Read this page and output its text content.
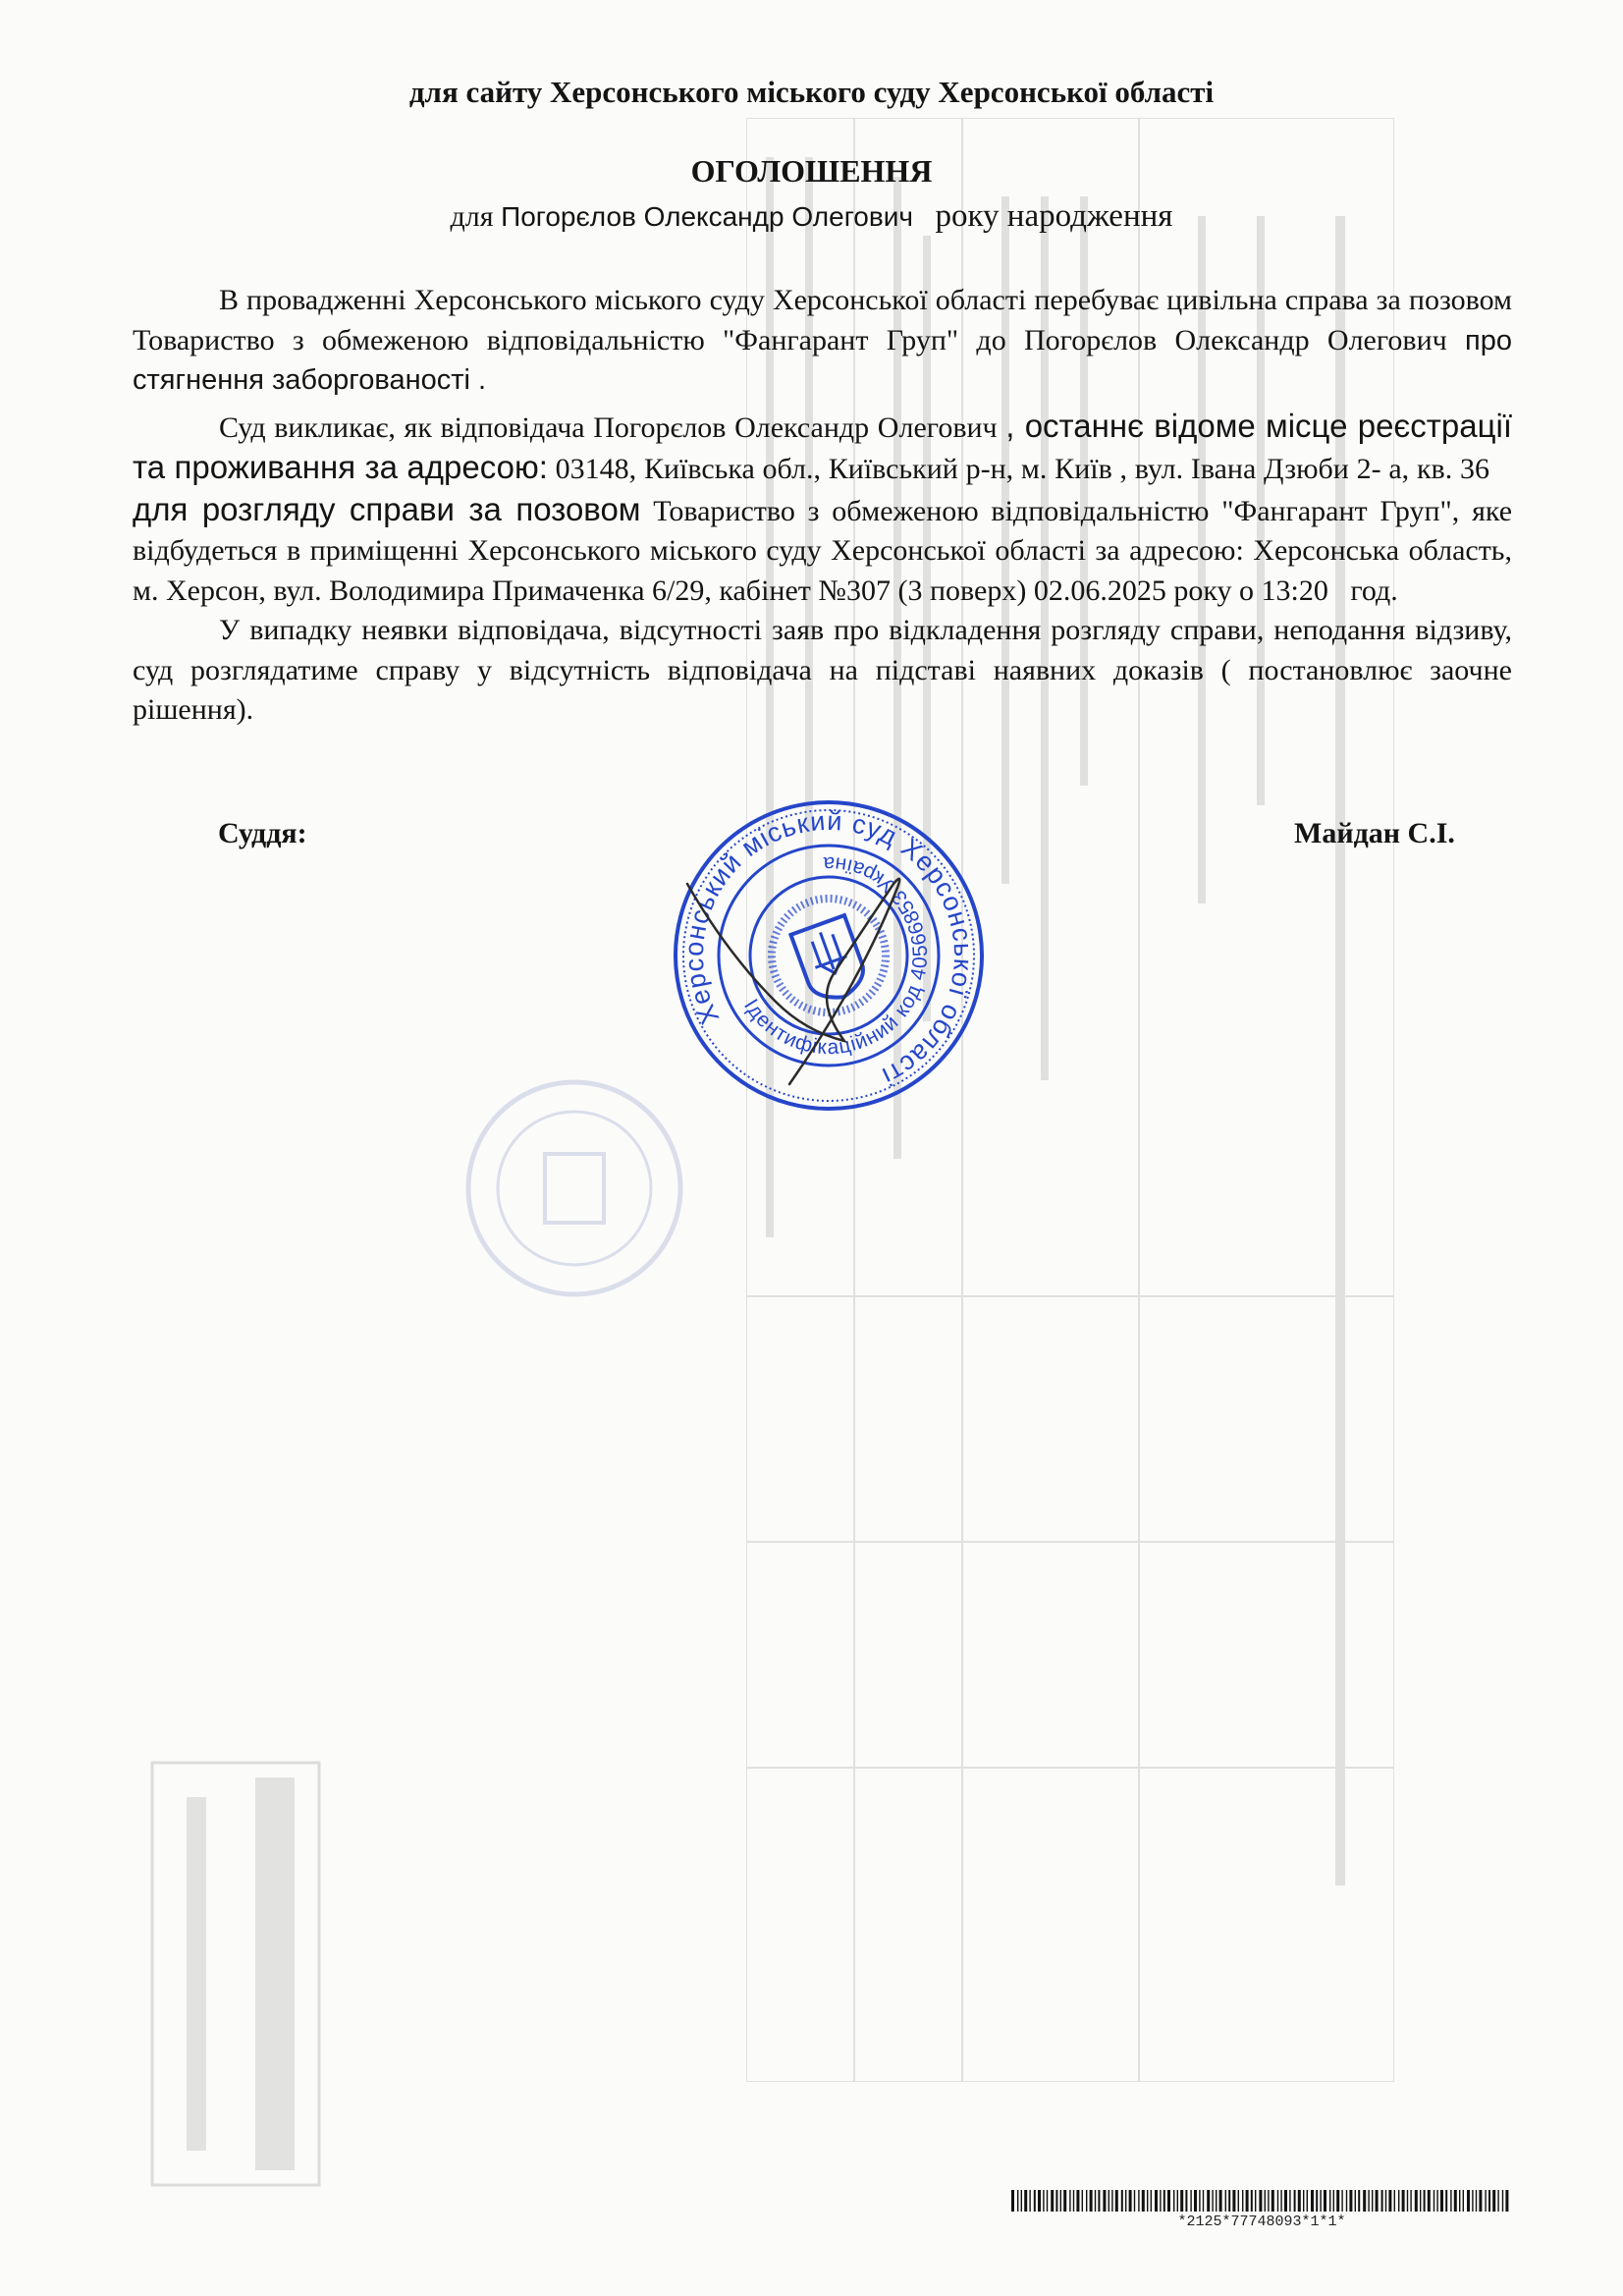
для сайту Херсонського міського суду Херсонської області
ОГОЛОШЕННЯ
для Погорєлов Олександр Олегович року народження

В провадженні Херсонського міського суду Херсонської області перебуває цивільна справа за позовом Товариство з обмеженою відповідальністю "Фангарант Груп" до Погорєлов Олександр Олегович про стягнення заборгованості .

Суд викликає, як відповідача Погорєлов Олександр Олегович , останнє відоме місце реєстрації та проживання за адресою: 03148, Київська обл., Київський р-н, м. Київ , вул. Івана Дзюби 2- а, кв. 36    для розгляду справи за позовом Товариство з обмеженою відповідальністю "Фангарант Груп", яке відбудеться в приміщенні Херсонського міського суду Херсонської області за адресою: Херсонська область, м. Херсон, вул. Володимира Примаченка 6/29, кабінет №307 (3 поверх) 02.06.2025 року о 13:20 год.

У випадку неявки відповідача, відсутності заяв про відкладення розгляду справи, неподання відзиву, суд розглядатиме справу у відсутність відповідача на підставі наявних доказів ( постановлює заочне рішення).

Суддя:	Майдан С.І.
Херсонський міський суд Херсонської області
Ідентифікаційний код 40566853 Україна
*2125*77748093*1*1*
